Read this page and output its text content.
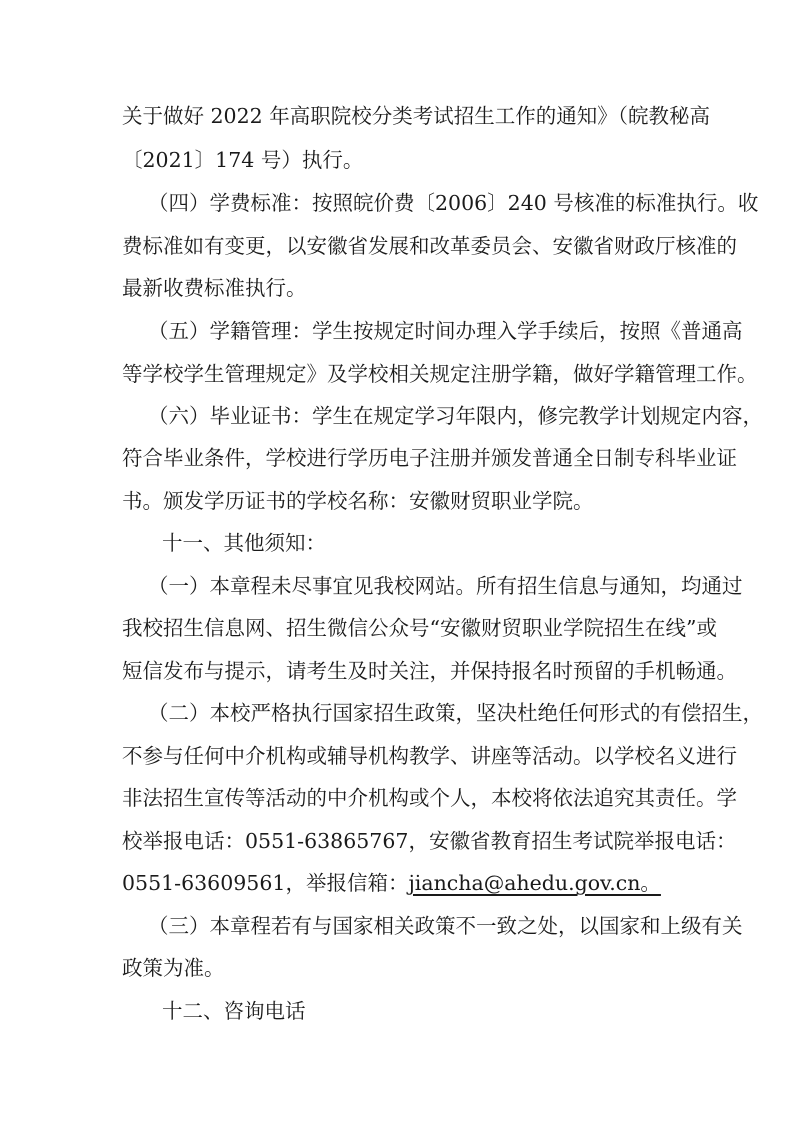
关于做好 2022 年高职院校分类考试招生工作的通知》（皖教秘高
〔2021〕174 号）执行。
（四）学费标准：按照皖价费〔2006〕240 号核准的标准执行。收
费标准如有变更，以安徽省发展和改革委员会、安徽省财政厅核准的
最新收费标准执行。
（五）学籍管理：学生按规定时间办理入学手续后，按照《普通高
等学校学生管理规定》及学校相关规定注册学籍，做好学籍管理工作。
（六）毕业证书：学生在规定学习年限内，修完教学计划规定内容，
符合毕业条件，学校进行学历电子注册并颁发普通全日制专科毕业证
书。颁发学历证书的学校名称：安徽财贸职业学院。
十一、其他须知：
（一）本章程未尽事宜见我校网站。所有招生信息与通知，均通过
我校招生信息网、招生微信公众号“安徽财贸职业学院招生在线”或
短信发布与提示，请考生及时关注，并保持报名时预留的手机畅通。
（二）本校严格执行国家招生政策，坚决杜绝任何形式的有偿招生，
不参与任何中介机构或辅导机构教学、讲座等活动。以学校名义进行
非法招生宣传等活动的中介机构或个人，本校将依法追究其责任。学
校举报电话：0551-63865767，安徽省教育招生考试院举报电话：
0551-63609561，举报信箱：jiancha@ahedu.gov.cn。
（三）本章程若有与国家相关政策不一致之处，以国家和上级有关
政策为准。
十二、咨询电话
